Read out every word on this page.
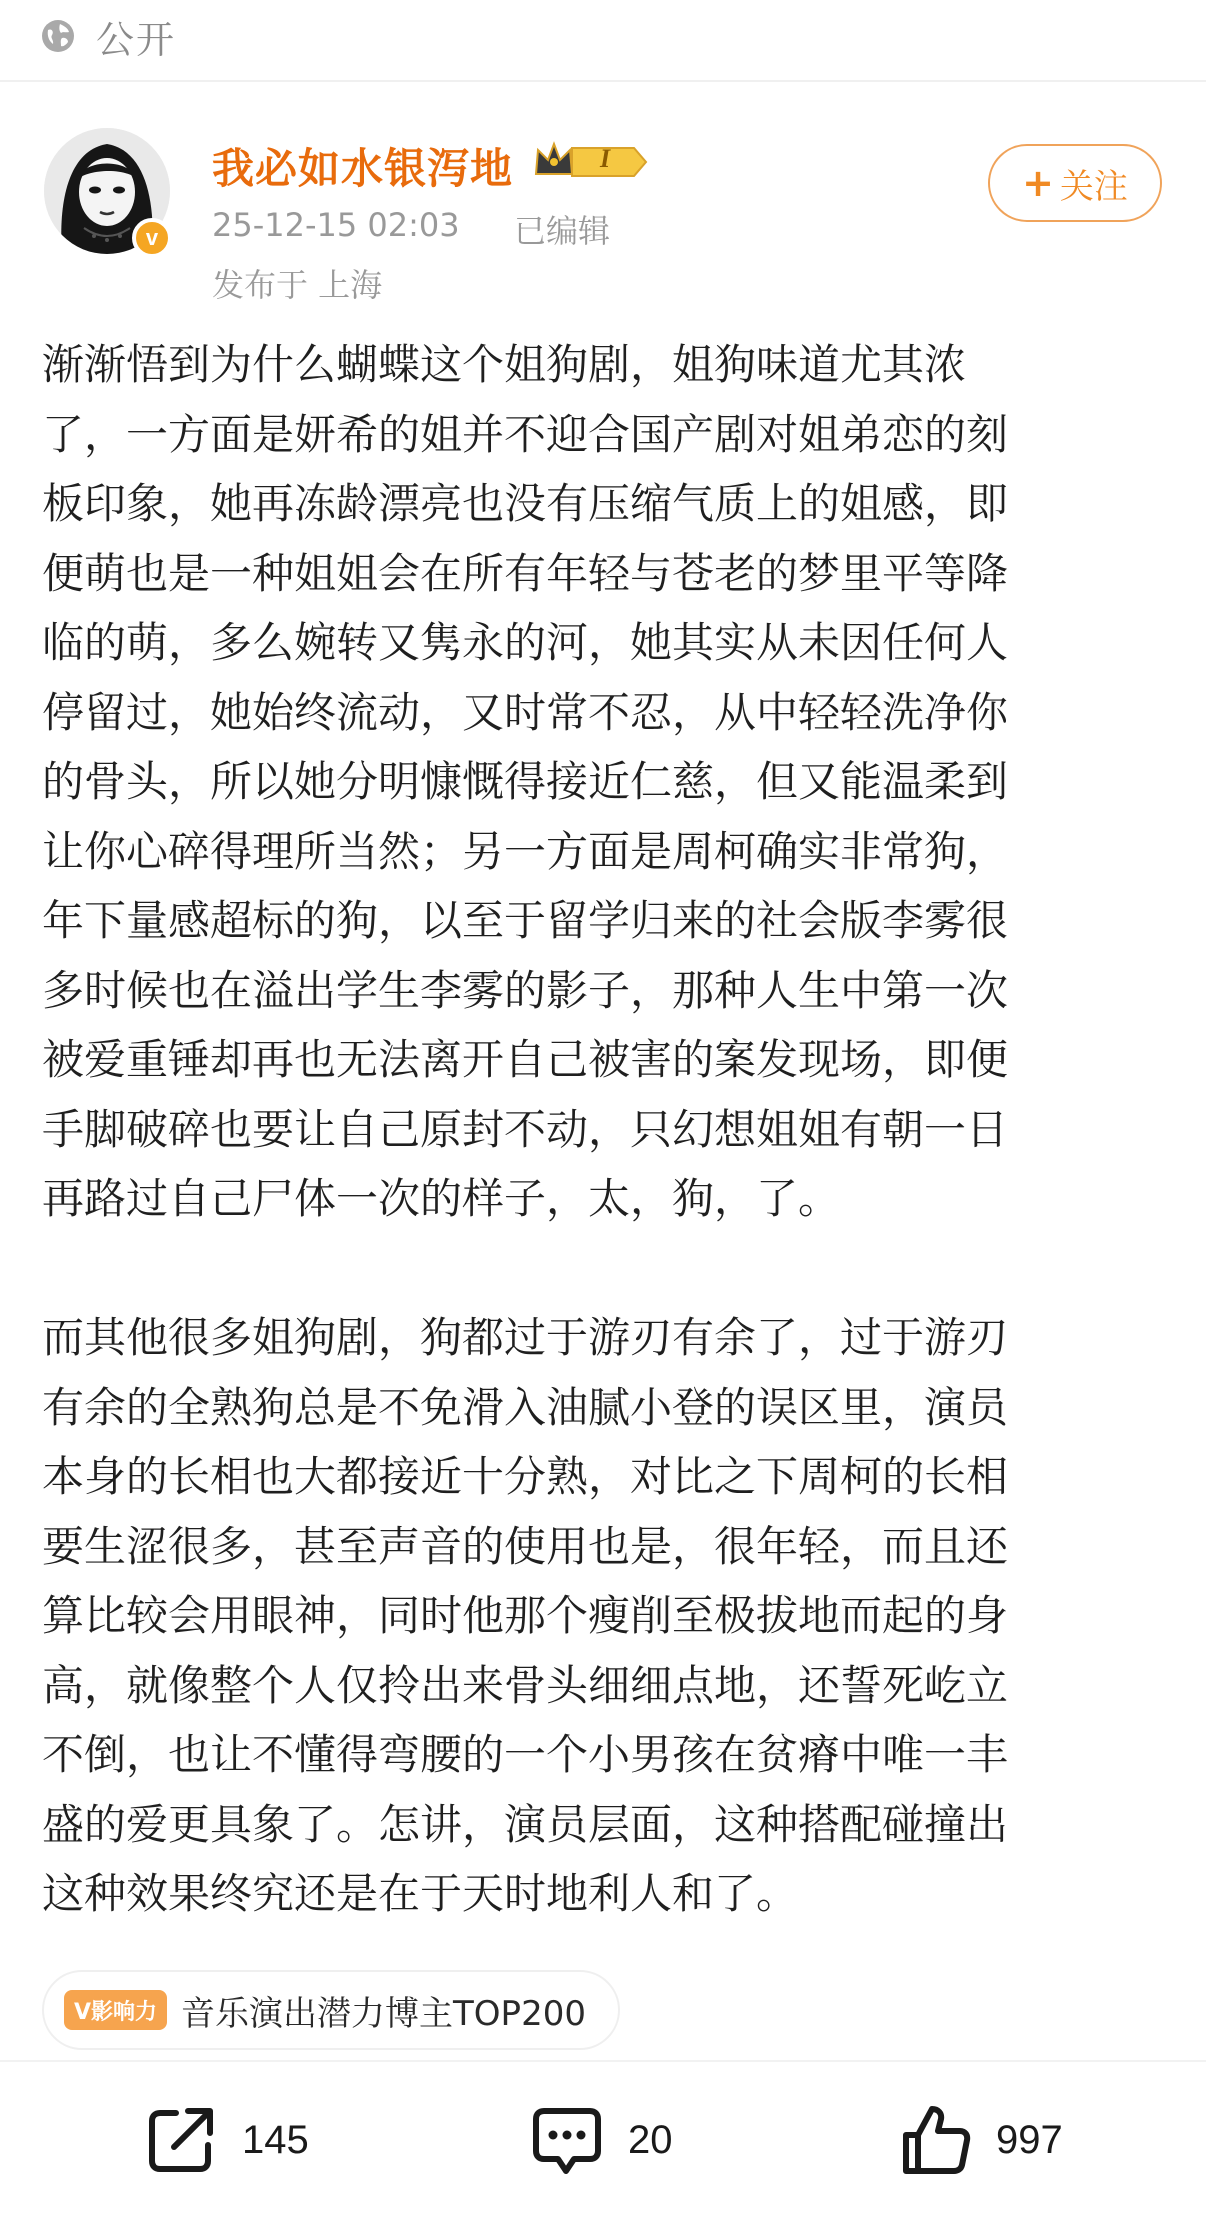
公开
v
我必如水银泻地	I
25-12-15 02:03 已编辑
发布于 上海
+ 关注

渐渐悟到为什么蝴蝶这个姐狗剧，姐狗味道尤其浓
了，一方面是妍希的姐并不迎合国产剧对姐弟恋的刻
板印象，她再冻龄漂亮也没有压缩气质上的姐感，即
便萌也是一种姐姐会在所有年轻与苍老的梦里平等降
临的萌，多么婉转又隽永的河，她其实从未因任何人
停留过，她始终流动，又时常不忍，从中轻轻洗净你
的骨头，所以她分明慷慨得接近仁慈，但又能温柔到
让你心碎得理所当然；另一方面是周柯确实非常狗，
年下量感超标的狗，以至于留学归来的社会版李雾很
多时候也在溢出学生李雾的影子，那种人生中第一次
被爱重锤却再也无法离开自己被害的案发现场，即便
手脚破碎也要让自己原封不动，只幻想姐姐有朝一日
再路过自己尸体一次的样子，太，狗，了。

而其他很多姐狗剧，狗都过于游刃有余了，过于游刃
有余的全熟狗总是不免滑入油腻小登的误区里，演员
本身的长相也大都接近十分熟，对比之下周柯的长相
要生涩很多，甚至声音的使用也是，很年轻，而且还
算比较会用眼神，同时他那个瘦削至极拔地而起的身
高，就像整个人仅拎出来骨头细细点地，还誓死屹立
不倒，也让不懂得弯腰的一个小男孩在贫瘠中唯一丰
盛的爱更具象了。怎讲，演员层面，这种搭配碰撞出
这种效果终究还是在于天时地利人和了。

V影响力 音乐演出潜力博主TOP200
145	20	997
